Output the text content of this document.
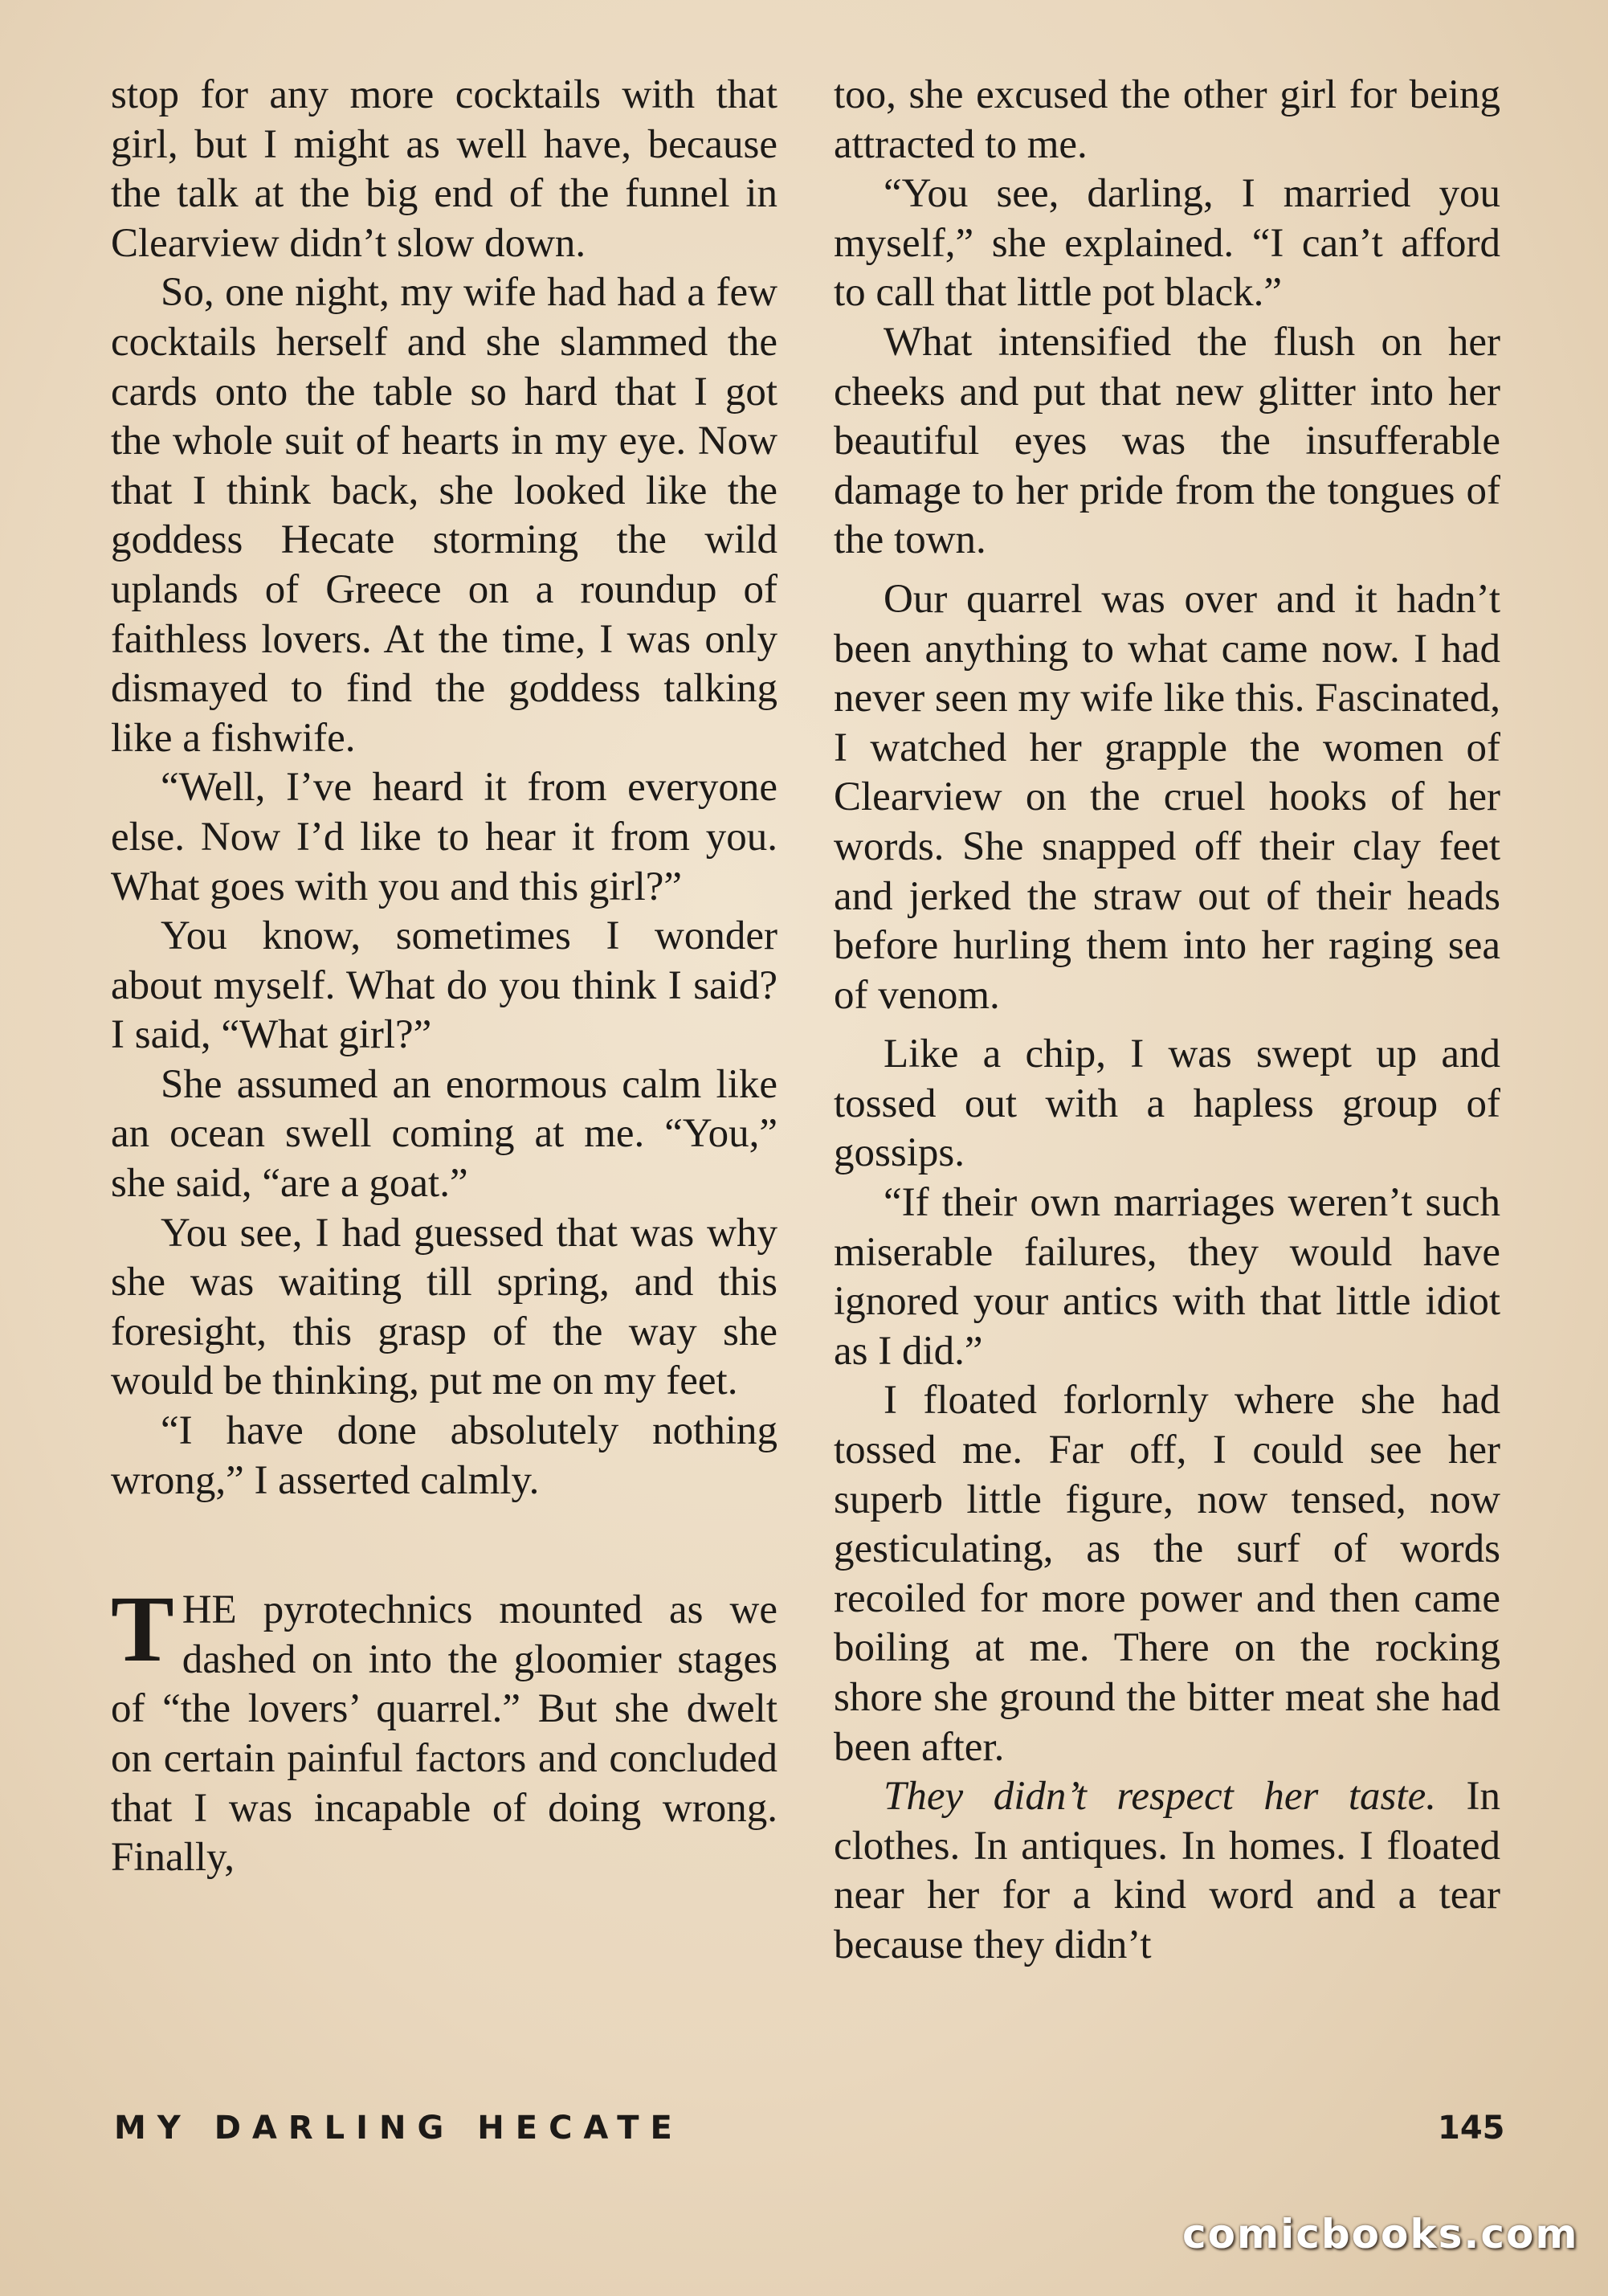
stop for any more cocktails with that girl, but I might as well have, because the talk at the big end of the funnel in Clearview didn’t slow down.

So, one night, my wife had had a few cocktails herself and she slammed the cards onto the table so hard that I got the whole suit of hearts in my eye. Now that I think back, she looked like the goddess Hecate storming the wild uplands of Greece on a roundup of faithless lovers. At the time, I was only dismayed to find the goddess talking like a fishwife.

“Well, I’ve heard it from everyone else. Now I’d like to hear it from you. What goes with you and this girl?”

You know, sometimes I wonder about myself. What do you think I said? I said, “What girl?”

She assumed an enormous calm like an ocean swell coming at me. “You,” she said, “are a goat.”

You see, I had guessed that was why she was waiting till spring, and this foresight, this grasp of the way she would be thinking, put me on my feet.

“I have done absolutely nothing wrong,” I asserted calmly.

THE pyrotechnics mounted as we dashed on into the gloomier stages of “the lovers’ quarrel.” But she dwelt on certain painful factors and concluded that I was incapable of doing wrong. Finally,

too, she excused the other girl for being attracted to me.

“You see, darling, I married you myself,” she explained. “I can’t afford to call that little pot black.”

What intensified the flush on her cheeks and put that new glitter into her beautiful eyes was the insufferable damage to her pride from the tongues of the town.

Our quarrel was over and it hadn’t been anything to what came now. I had never seen my wife like this. Fascinated, I watched her grapple the women of Clearview on the cruel hooks of her words. She snapped off their clay feet and jerked the straw out of their heads before hurling them into her raging sea of venom.

Like a chip, I was swept up and tossed out with a hapless group of gossips.

“If their own marriages weren’t such miserable failures, they would have ignored your antics with that little idiot as I did.”

I floated forlornly where she had tossed me. Far off, I could see her superb little figure, now tensed, now gesticulating, as the surf of words recoiled for more power and then came boiling at me. There on the rocking shore she ground the bitter meat she had been after.

They didn’t respect her taste. In clothes. In antiques. In homes. I floated near her for a kind word and a tear because they didn’t

MY DARLING HECATE	145
comicbooks.com
